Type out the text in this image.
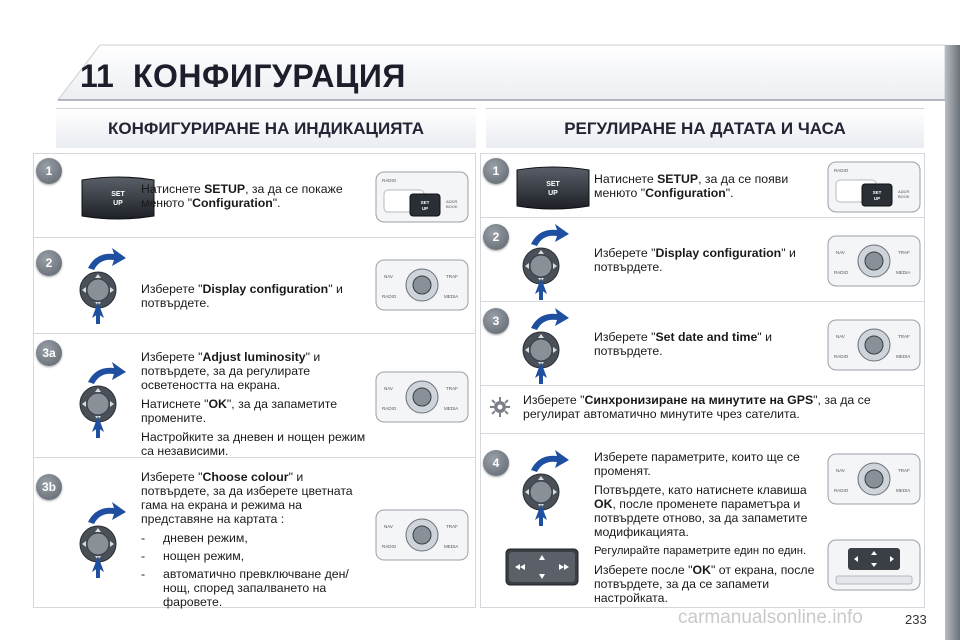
11 КОНФИГУРАЦИЯ
КОНФИГУРИРАНЕ НА ИНДИКАЦИЯТА
1
SET
UP
Натиснете SETUP, за да се покаже менюто "Configuration".
RADIO
SET
UP
ADDR
BOOK
2
Изберете "Display configuration" и потвърдете.
NAV	TRAF
RADIO	MEDIA
3a	Изберете "Adjust luminosity" и потвърдете, за да регулирате осветеността на екрана.

Натиснете "OK", за да запаметите промените.

Настройките за дневен и нощен режим са независими.

NAV	TRAF
RADIO	MEDIA
3b

Изберете "Choose colour" и потвърдете, за да изберете цветната гама на екрана и режима на представяне на картата :

-	дневен режим,
-	нощен режим,
-	автоматично превключване ден/нощ, според запалването на фаровете.
NAV	TRAF
RADIO	MEDIA
РЕГУЛИРАНЕ НА ДАТАТА И ЧАСА
1
SET
UP
Натиснете SETUP, за да се появи менюто "Configuration".
RADIO
SET
UP
ADDR
BOOK
2
Изберете "Display configuration" и потвърдете.
NAV	TRAF
RADIO	MEDIA
3
Изберете "Set date and time" и потвърдете.
NAV	TRAF
RADIO	MEDIA
Изберете "Синхронизиране на минутите на GPS", за да се регулират автоматично минутите чрез сателита.
4	Изберете параметрите, които ще се променят.

Потвърдете, като натиснете клавиша OK, после променете параметъра и потвърдете отново, за да запаметите модификацията.

Регулирайте параметрите един по един.

Изберете после "OK" от екрана, после потвърдете, за да се запамети настройката.

NAV	TRAF
RADIO	MEDIA
carmanualsonline.info	233
